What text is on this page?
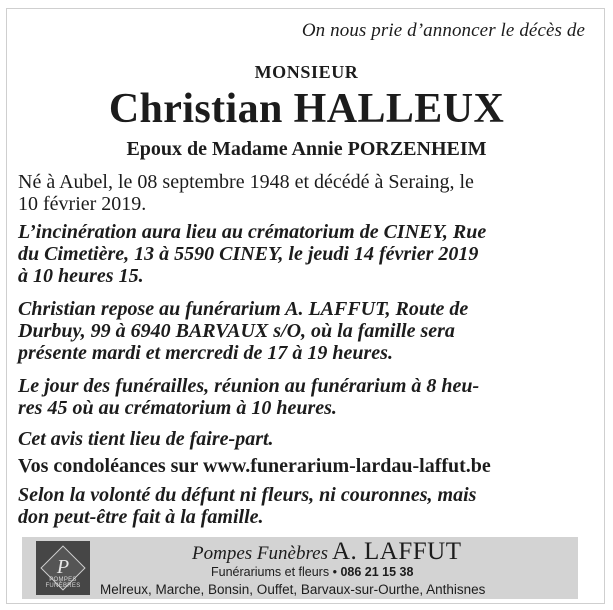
On nous prie d’annoncer le décès de
MONSIEUR
Christian HALLEUX
Epoux de Madame Annie PORZENHEIM
Né à Aubel, le 08 septembre 1948 et décédé à Seraing, le
10 février 2019.
L’incinération aura lieu au crématorium de CINEY, Rue
du Cimetière, 13 à 5590 CINEY, le jeudi 14 février 2019
à 10 heures 15.
Christian repose au funérarium A. LAFFUT, Route de
Durbuy, 99 à 6940 BARVAUX s/O, où la famille sera
présente mardi et mercredi de 17 à 19 heures.
Le jour des funérailles, réunion au funérarium à 8 heu-
res 45 où au crématorium à 10 heures.
Cet avis tient lieu de faire-part.
Vos condoléances sur www.funerarium-lardau-laffut.be
Selon la volonté du défunt ni fleurs, ni couronnes, mais
don peut-être fait à la famille.
P
POMPES FUNÈBRES
Pompes Funèbres A. LAFFUT
Funérariums et fleurs • 086 21 15 38
Melreux, Marche, Bonsin, Ouffet, Barvaux-sur-Ourthe, Anthisnes
